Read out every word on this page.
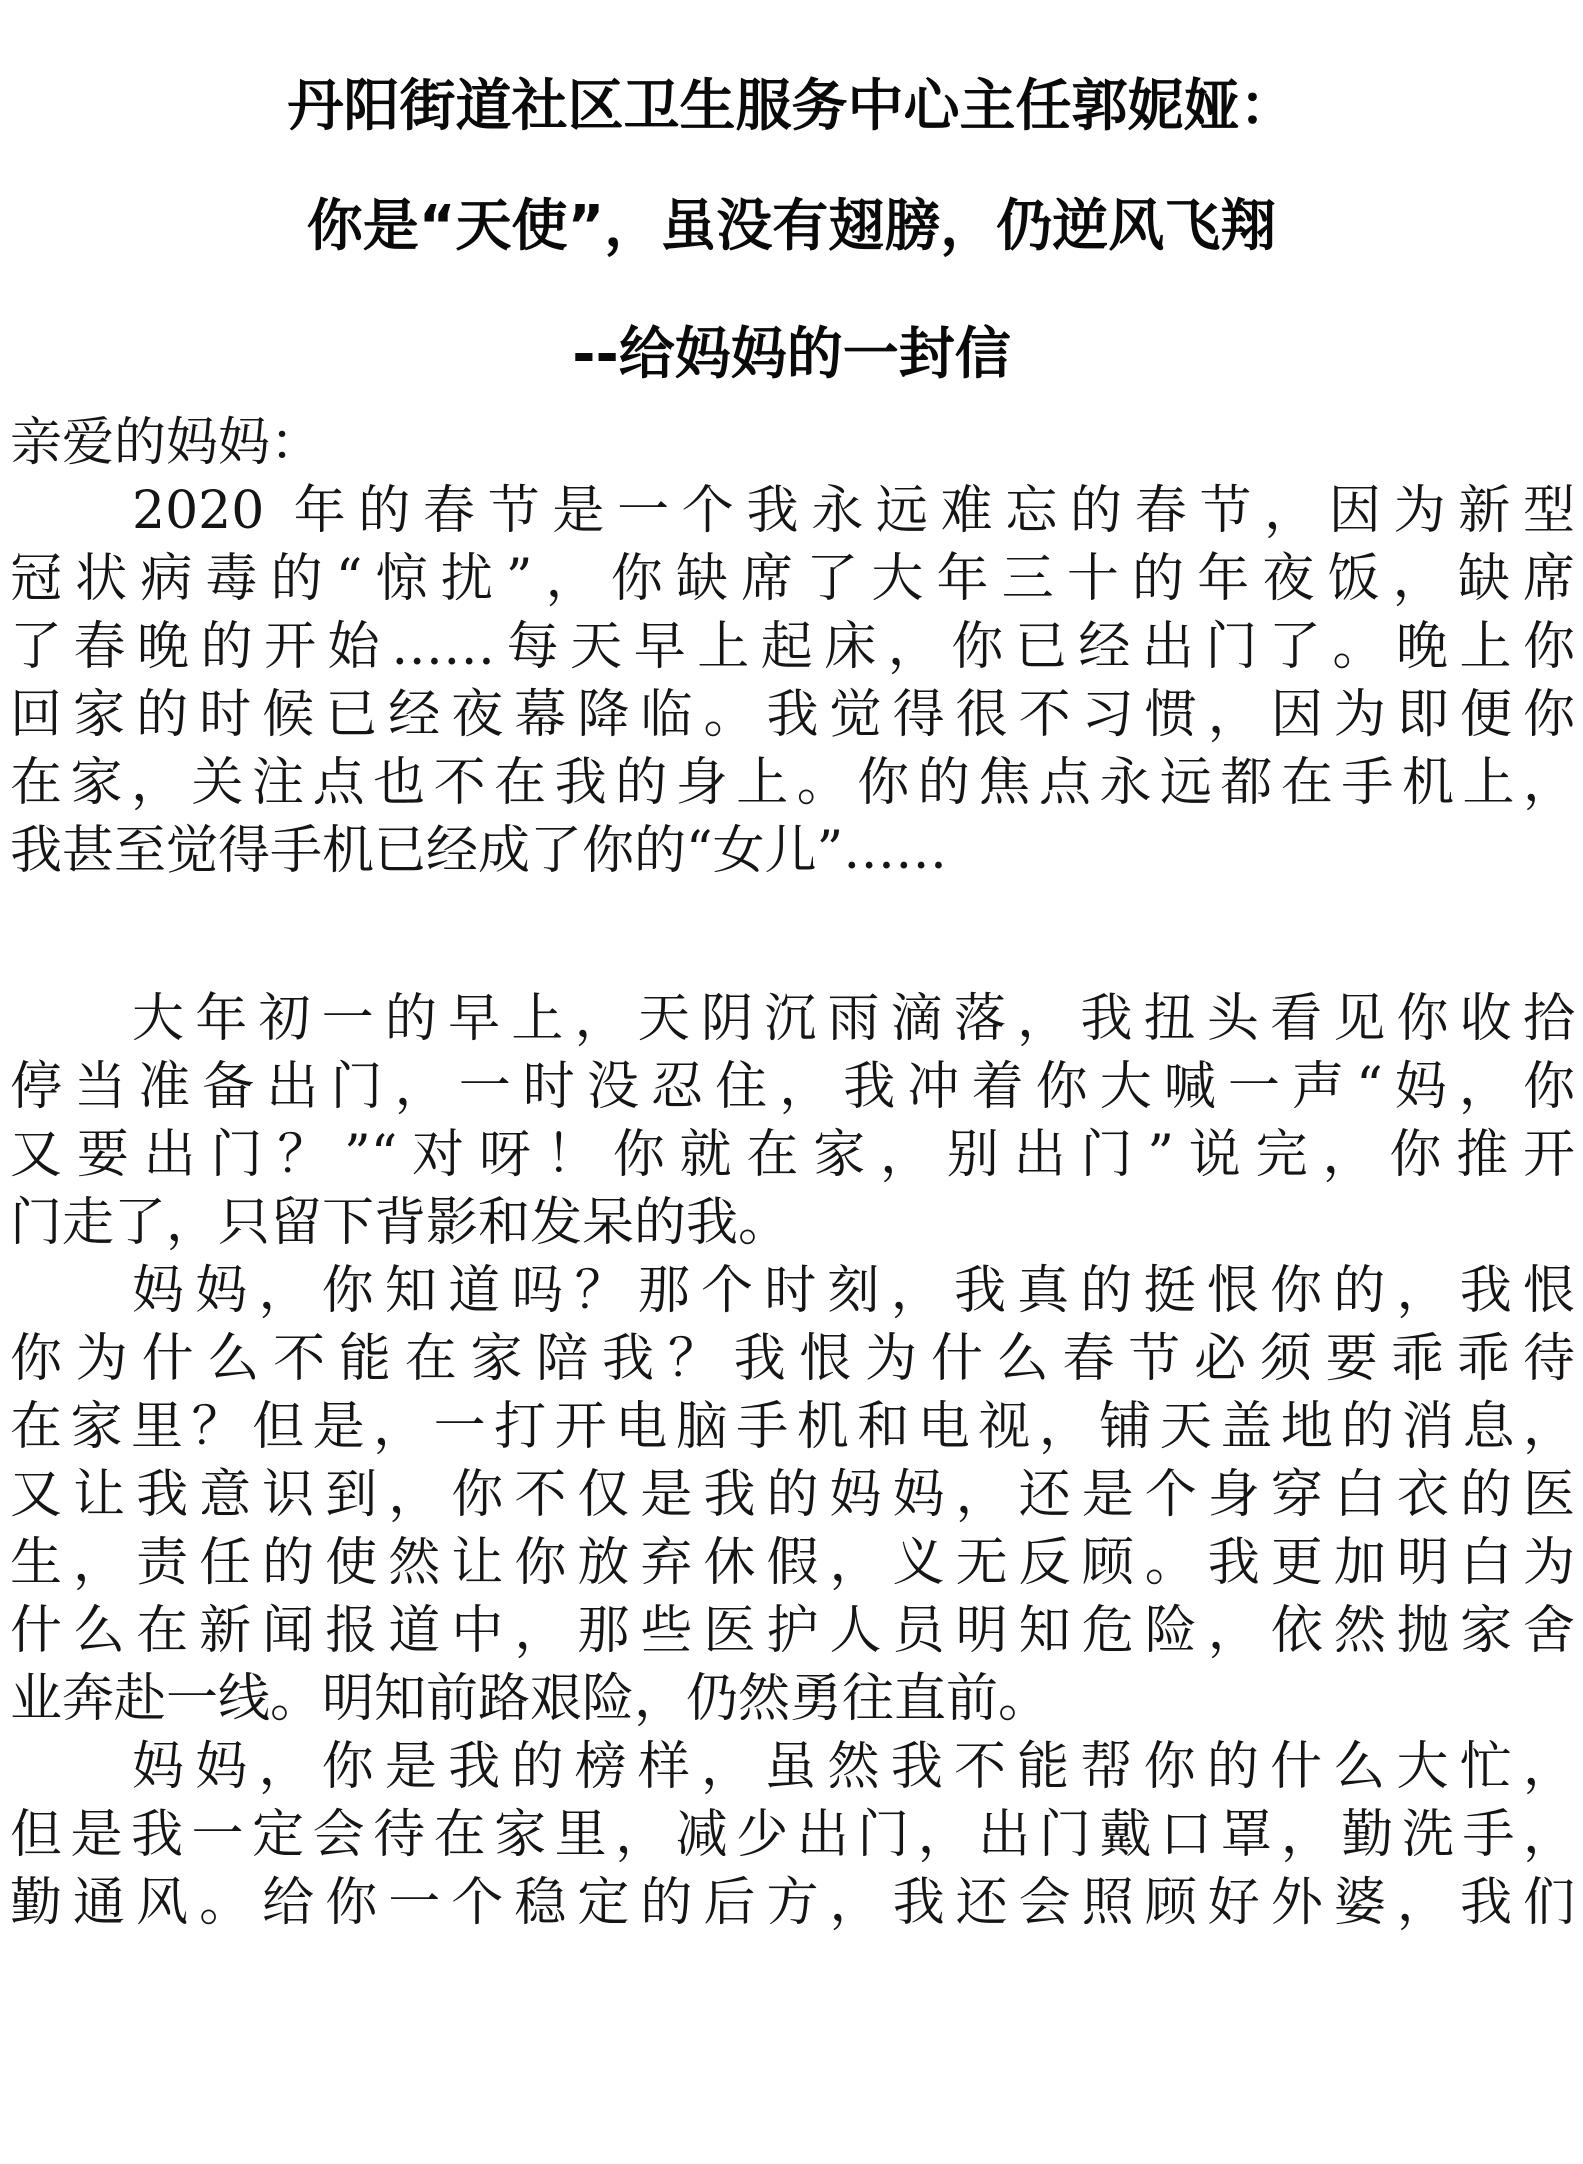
丹阳街道社区卫生服务中心主任郭妮娅：
你是“天使”，虽没有翅膀，仍逆风飞翔
--给妈妈的一封信
亲爱的妈妈：
2020 年的春节是一个我永远难忘的春节，因为新型
冠状病毒的“惊扰”，你缺席了大年三十的年夜饭，缺席
了春晚的开始……每天早上起床，你已经出门了。晚上你
回家的时候已经夜幕降临。我觉得很不习惯，因为即便你
在家，关注点也不在我的身上。你的焦点永远都在手机上，
我甚至觉得手机已经成了你的“女儿”……
大年初一的早上，天阴沉雨滴落，我扭头看见你收拾
停当准备出门，一时没忍住，我冲着你大喊一声“妈，你
又要出门？”“对呀！你就在家，别出门”说完，你推开
门走了，只留下背影和发呆的我。
妈妈，你知道吗？那个时刻，我真的挺恨你的，我恨
你为什么不能在家陪我？我恨为什么春节必须要乖乖待
在家里？但是，一打开电脑手机和电视，铺天盖地的消息，
又让我意识到，你不仅是我的妈妈，还是个身穿白衣的医
生，责任的使然让你放弃休假，义无反顾。我更加明白为
什么在新闻报道中，那些医护人员明知危险，依然抛家舍
业奔赴一线。明知前路艰险，仍然勇往直前。
妈妈，你是我的榜样，虽然我不能帮你的什么大忙，
但是我一定会待在家里，减少出门，出门戴口罩，勤洗手，
勤通风。给你一个稳定的后方，我还会照顾好外婆，我们
